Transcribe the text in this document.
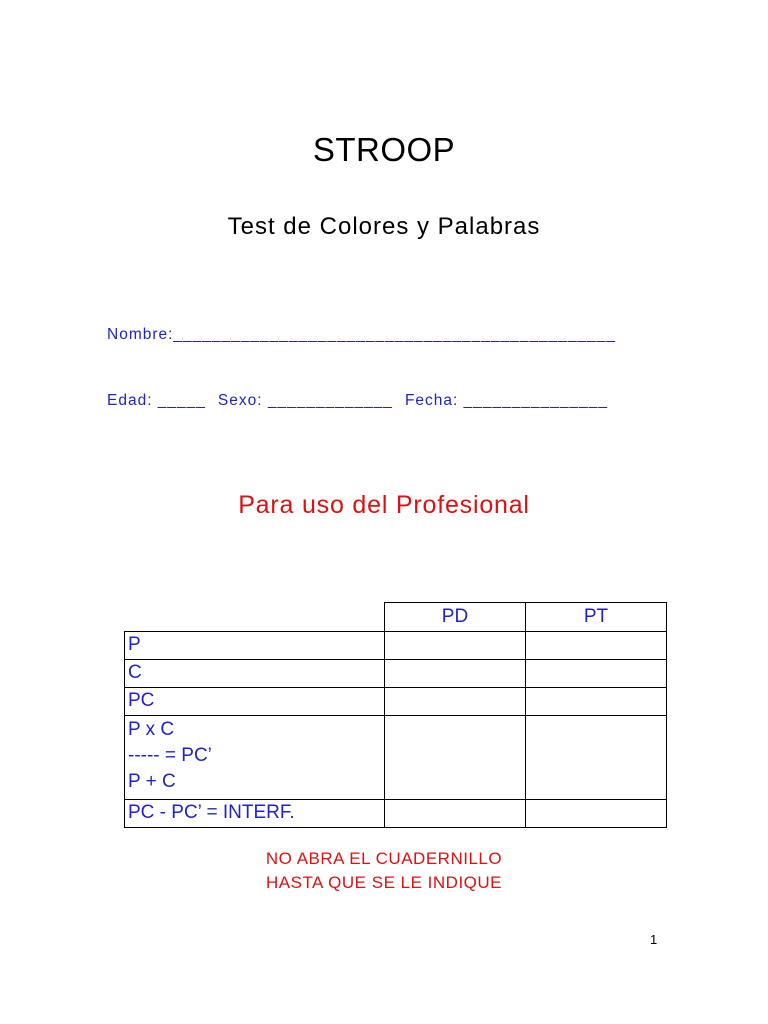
STROOP
Test de Colores y Palabras
Nombre:______________________________________________
Edad: _____ Sexo: _____________ Fecha: _______________
Para uso del Profesional
	PD	PT

P		

C		

PC		

P x C
----- = PC’
P + C		

PC - PC’ = INTERF.		

NO ABRA EL CUADERNILLO
HASTA QUE SE LE INDIQUE
1
